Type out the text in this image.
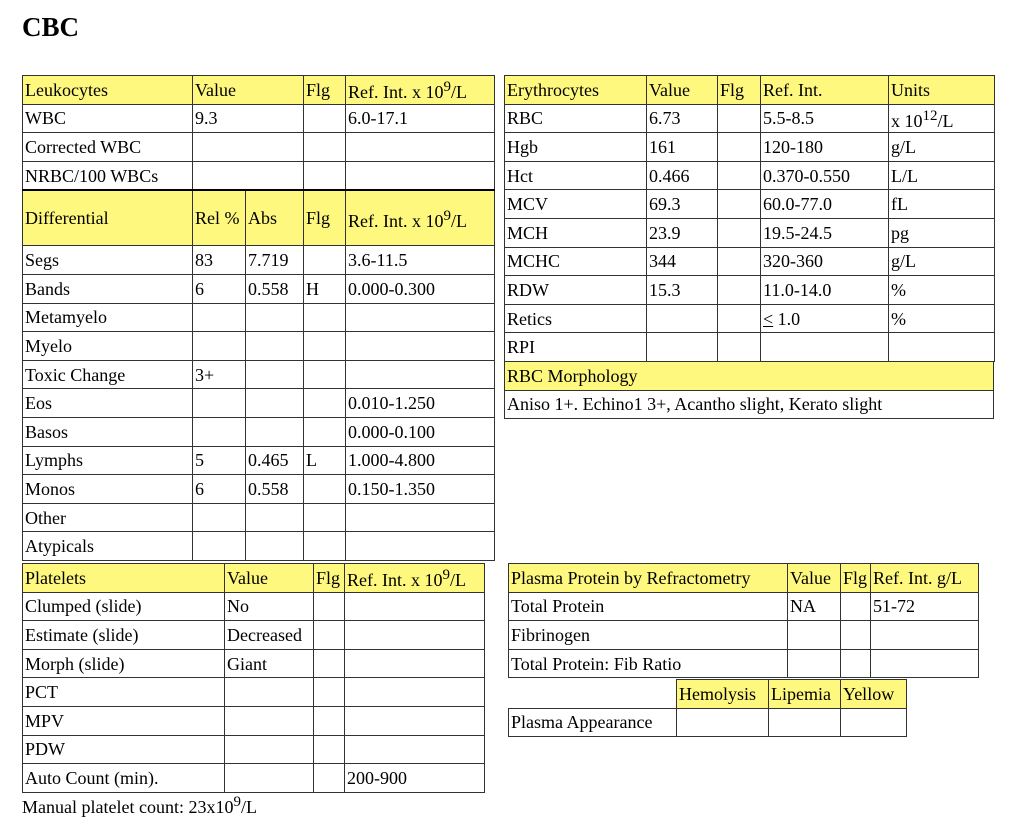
CBC
Leukocytes	Value		Flg	Ref. Int. x $10^9/L$
WBC	9.3			6.0-17.1
Corrected WBC				
NRBC/100 WBCs				
Differential	Rel %	Abs	Flg	Ref. Int. x $10^9/L$
Segs	83	7.719		3.6-11.5
Bands	6	0.558	H	0.000-0.300
Metamyelo				
Myelo				
Toxic Change	3+			
Eos				0.010-1.250
Basos				0.000-0.100
Lymphs	5	0.465	L	1.000-4.800
Monos	6	0.558		0.150-1.350
Other				
Atypicals				
Erythrocytes	Value	Flg	Ref. Int.	Units
RBC	6.73		5.5-8.5	x $10^{12}/L$
Hgb	161		120-180	g/L
Hct	0.466		0.370-0.550	L/L
MCV	69.3		60.0-77.0	fL
MCH	23.9		19.5-24.5	pg
MCHC	344		320-360	g/L
RDW	15.3		11.0-14.0	%
Retics			< 1.0	%
RPI				
RBC Morphology
Aniso 1+. Echino1 3+, Acantho slight, Kerato slight
Platelets	Value	Flg	Ref. Int. x $10^9/L$
Clumped (slide)	No		
Estimate (slide)	Decreased		
Morph (slide)	Giant		
PCT			
MPV			
PDW			
Auto Count (min).			200-900
Plasma Protein by Refractometry	Value	Flg	Ref. Int. g/L
Total Protein	NA		51-72
Fibrinogen			
Total Protein: Fib Ratio			
	Hemolysis	Lipemia	Yellow
Plasma Appearance			
Manual platelet count: $23x10^9/L$
